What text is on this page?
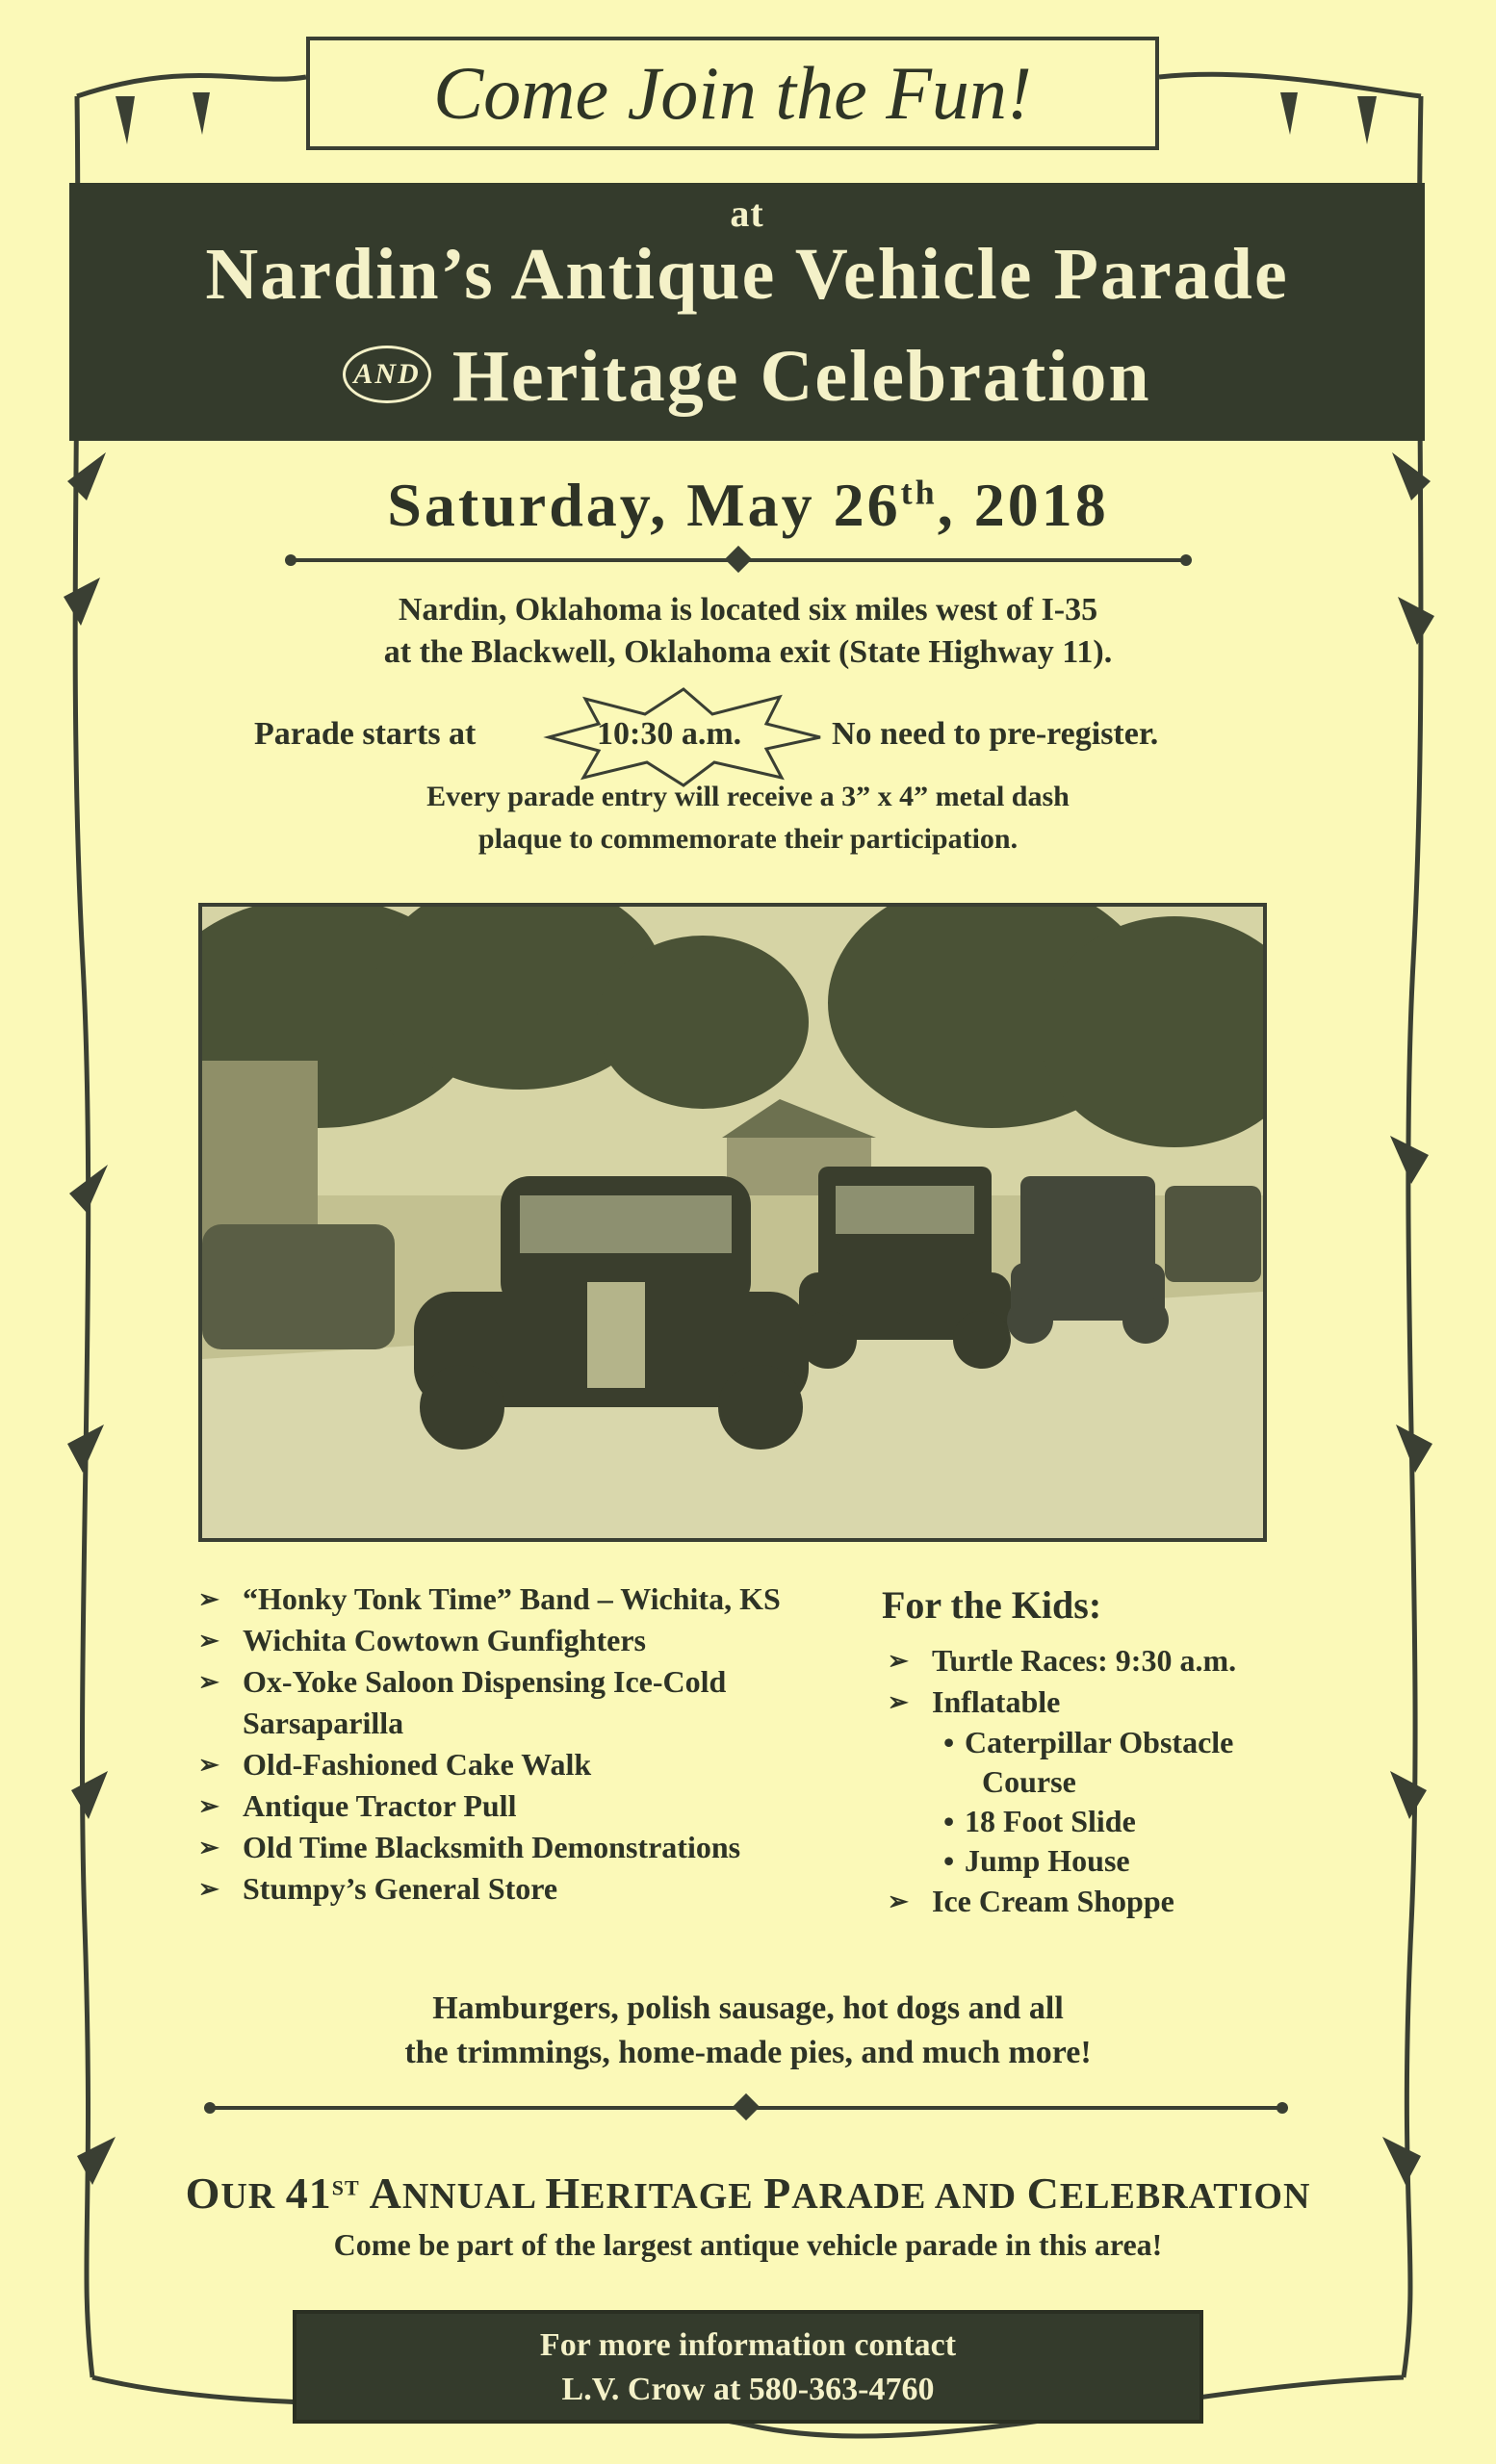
Come Join the Fun!
at
Nardin’s Antique Vehicle Parade
AND Heritage Celebration
Saturday, May 26th, 2018
Nardin, Oklahoma is located six miles west of I-35
at the Blackwell, Oklahoma exit (State Highway 11).
Parade starts at	10:30 a.m.	No need to pre-register.
Every parade entry will receive a 3” x 4” metal dash
plaque to commemorate their participation.
➢ “Honky Tonk Time” Band – Wichita, KS
➢ Wichita Cowtown Gunfighters
➢ Ox-Yoke Saloon Dispensing Ice-Cold
Sarsaparilla
➢ Old-Fashioned Cake Walk
➢ Antique Tractor Pull
➢ Old Time Blacksmith Demonstrations
➢ Stumpy’s General Store
For the Kids:
➢ Turtle Races: 9:30 a.m.
➢ Inflatable
• Caterpillar Obstacle
Course
• 18 Foot Slide
• Jump House
➢ Ice Cream Shoppe
Hamburgers, polish sausage, hot dogs and all
the trimmings, home-made pies, and much more!
OUR 41ST ANNUAL HERITAGE PARADE AND CELEBRATION
Come be part of the largest antique vehicle parade in this area!
For more information contact
L.V. Crow at 580-363-4760
